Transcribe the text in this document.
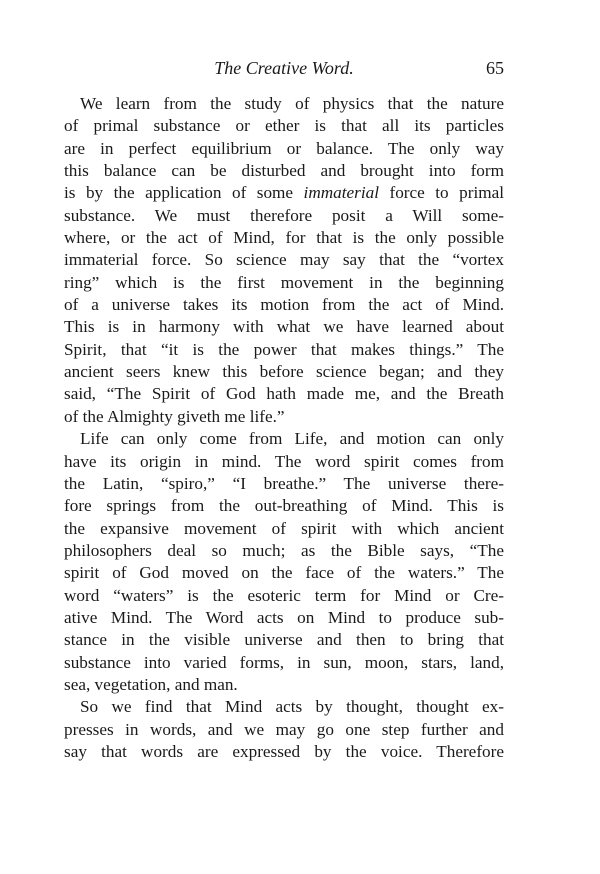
The Creative Word.	65
We learn from the study of physics that the nature
of primal substance or ether is that all its particles
are in perfect equilibrium or balance. The only way
this balance can be disturbed and brought into form
is by the application of some immaterial force to primal
substance. We must therefore posit a Will some-
where, or the act of Mind, for that is the only possible
immaterial force. So science may say that the “vortex
ring” which is the first movement in the beginning
of a universe takes its motion from the act of Mind.
This is in harmony with what we have learned about
Spirit, that “it is the power that makes things.” The
ancient seers knew this before science began; and they
said, “The Spirit of God hath made me, and the Breath
of the Almighty giveth me life.”
Life can only come from Life, and motion can only
have its origin in mind. The word spirit comes from
the Latin, “spiro,” “I breathe.” The universe there-
fore springs from the out-breathing of Mind. This is
the expansive movement of spirit with which ancient
philosophers deal so much; as the Bible says, “The
spirit of God moved on the face of the waters.” The
word “waters” is the esoteric term for Mind or Cre-
ative Mind. The Word acts on Mind to produce sub-
stance in the visible universe and then to bring that
substance into varied forms, in sun, moon, stars, land,
sea, vegetation, and man.
So we find that Mind acts by thought, thought ex-
presses in words, and we may go one step further and
say that words are expressed by the voice. Therefore
